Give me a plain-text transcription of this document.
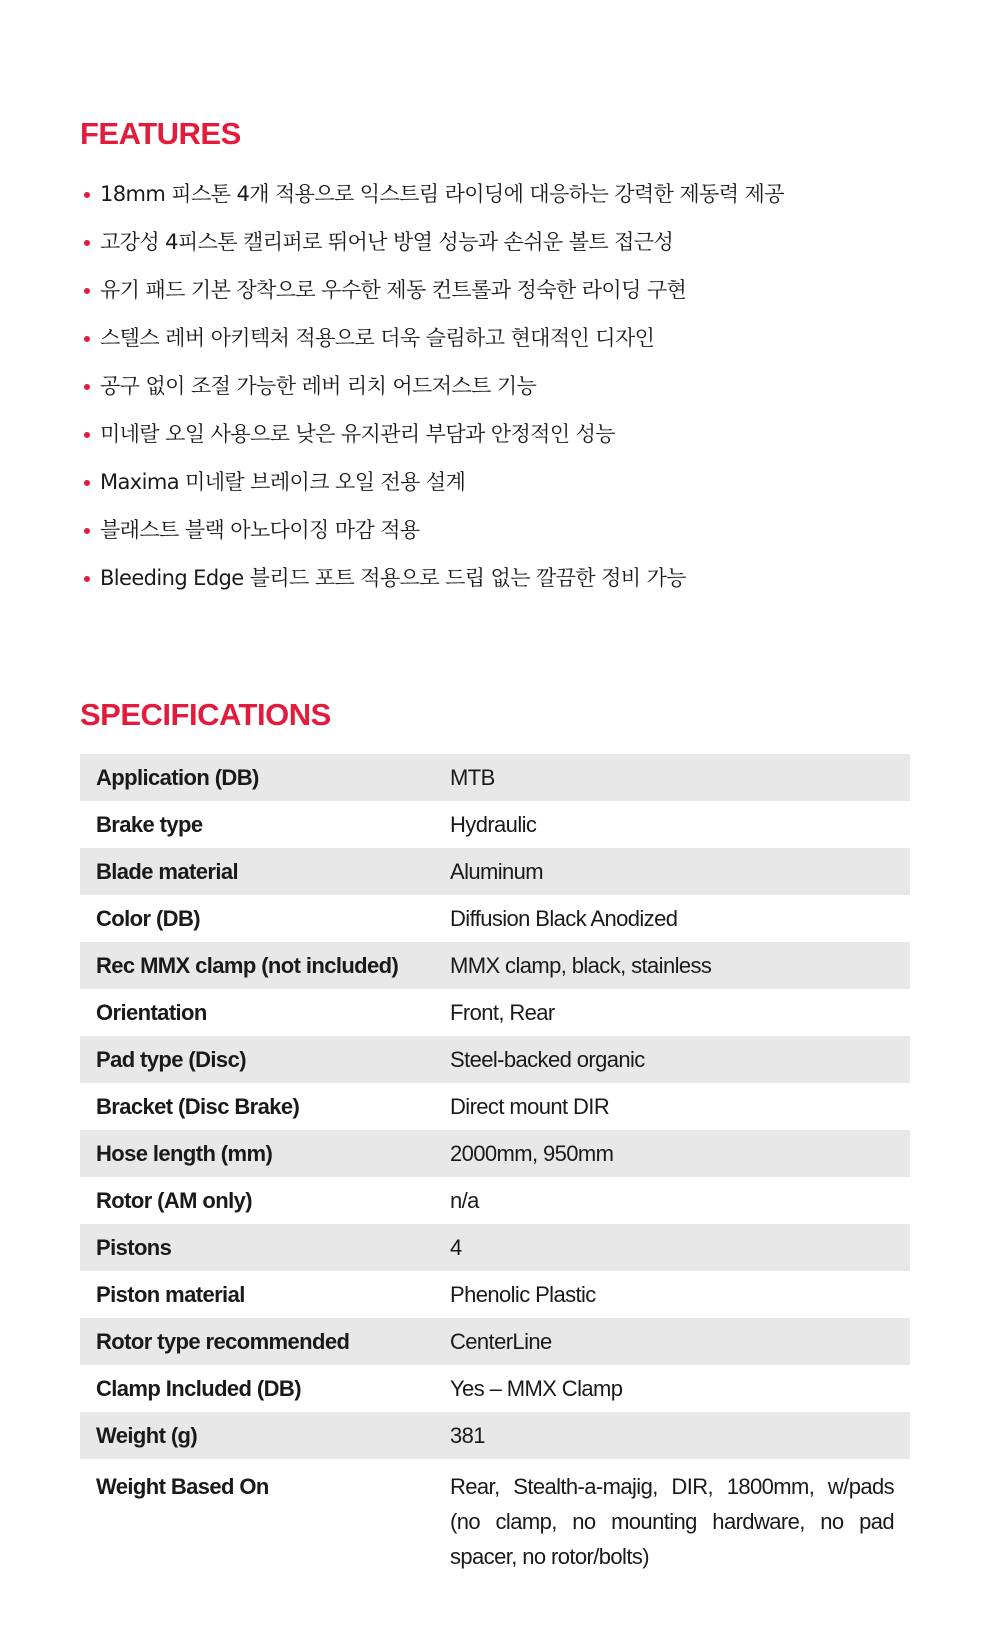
FEATURES
18mm 피스톤 4개 적용으로 익스트림 라이딩에 대응하는 강력한 제동력 제공
고강성 4피스톤 캘리퍼로 뛰어난 방열 성능과 손쉬운 볼트 접근성
유기 패드 기본 장착으로 우수한 제동 컨트롤과 정숙한 라이딩 구현
스텔스 레버 아키텍처 적용으로 더욱 슬림하고 현대적인 디자인
공구 없이 조절 가능한 레버 리치 어드저스트 기능
미네랄 오일 사용으로 낮은 유지관리 부담과 안정적인 성능
Maxima 미네랄 브레이크 오일 전용 설계
블래스트 블랙 아노다이징 마감 적용
Bleeding Edge 블리드 포트 적용으로 드립 없는 깔끔한 정비 가능
SPECIFICATIONS
Application (DB)	MTB
Brake type	Hydraulic
Blade material	Aluminum
Color (DB)	Diffusion Black Anodized
Rec MMX clamp (not included)	MMX clamp, black, stainless
Orientation	Front, Rear
Pad type (Disc)	Steel-backed organic
Bracket (Disc Brake)	Direct mount DIR
Hose length (mm)	2000mm, 950mm
Rotor (AM only)	n/a
Pistons	4
Piston material	Phenolic Plastic
Rotor type recommended	CenterLine
Clamp Included (DB)	Yes – MMX Clamp
Weight (g)	381
Weight Based On	Rear, Stealth-a-majig, DIR, 1800mm, w/pads (no clamp, no mounting hardware, no pad spacer, no rotor/bolts)
